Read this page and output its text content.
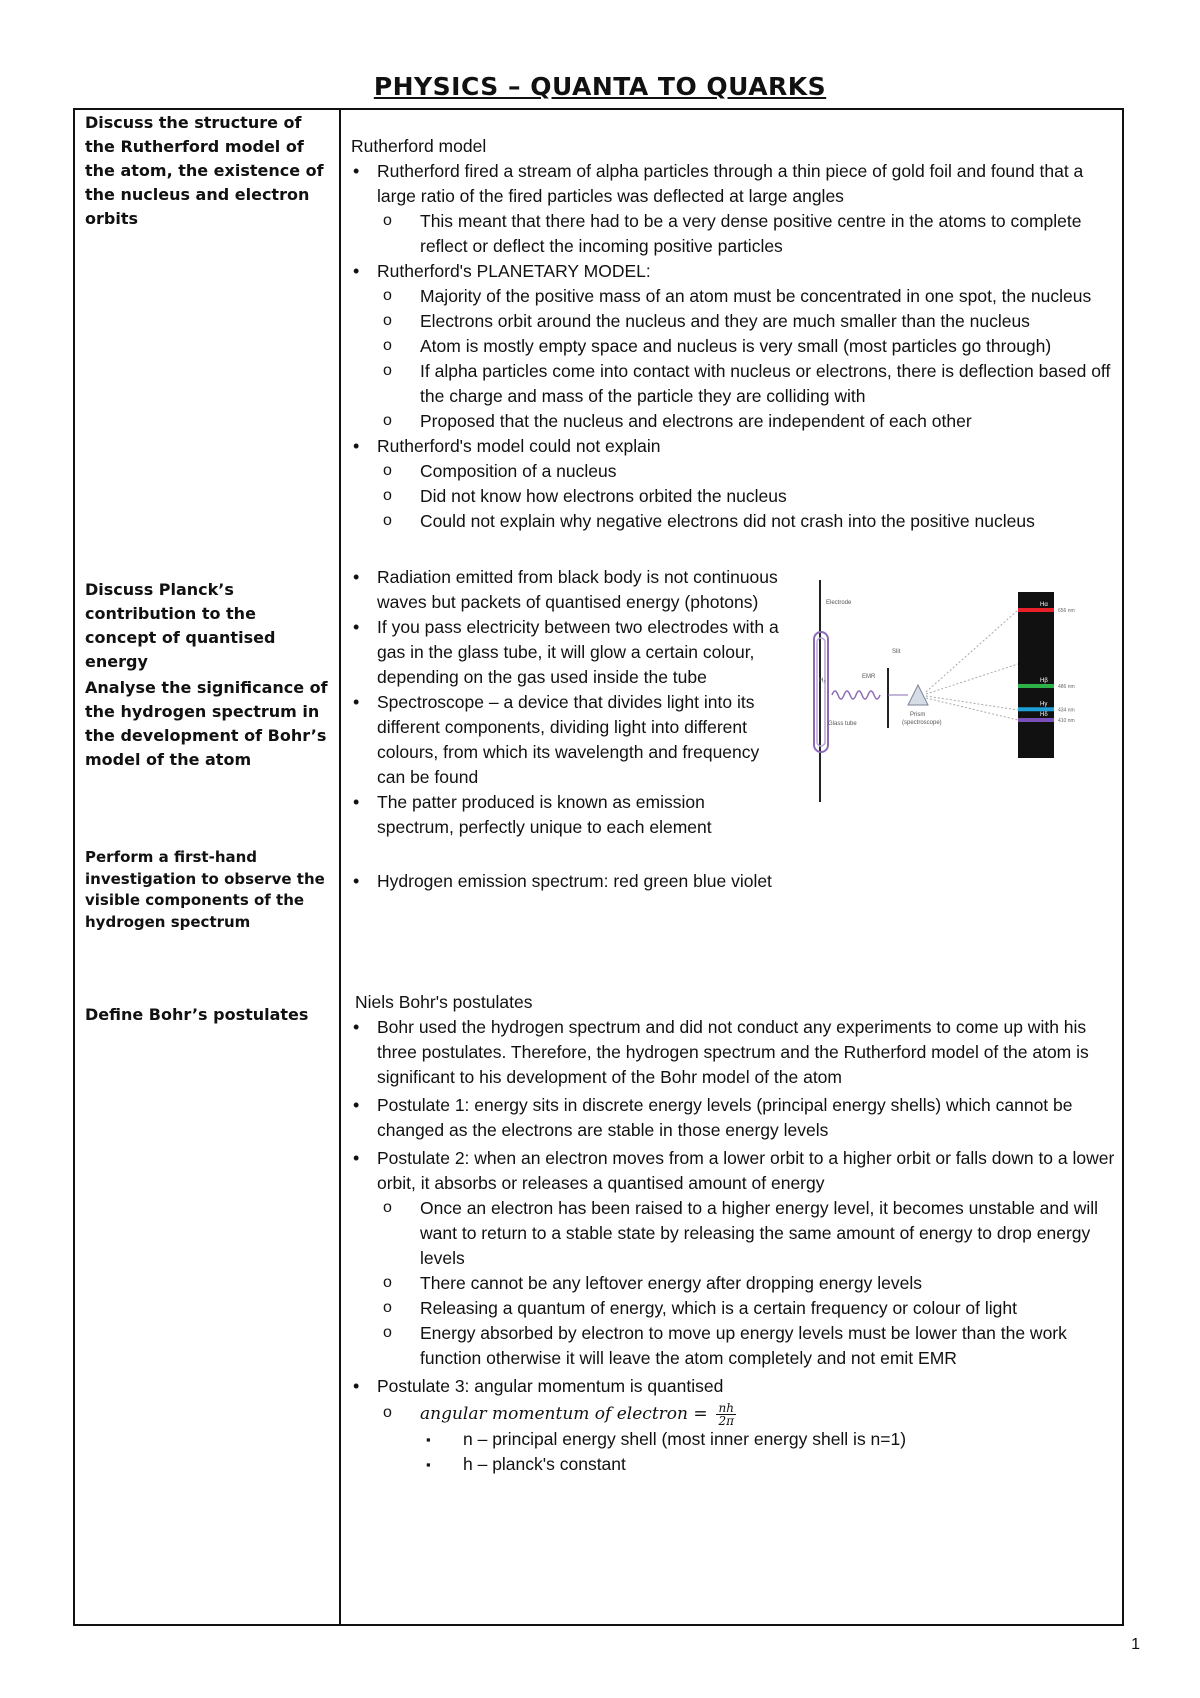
PHYSICS – QUANTA TO QUARKS
Discuss the structure of the Rutherford model of the atom, the existence of the nucleus and electron orbits
Rutherford model
• Rutherford fired a stream of alpha particles through a thin piece of gold foil and found that a large ratio of the fired particles was deflected at large angles
o This meant that there had to be a very dense positive centre in the atoms to complete reflect or deflect the incoming positive particles
• Rutherford's PLANETARY MODEL:
o Majority of the positive mass of an atom must be concentrated in one spot, the nucleus
o Electrons orbit around the nucleus and they are much smaller than the nucleus
o Atom is mostly empty space and nucleus is very small (most particles go through)
o If alpha particles come into contact with nucleus or electrons, there is deflection based off the charge and mass of the particle they are colliding with
o Proposed that the nucleus and electrons are independent of each other
• Rutherford's model could not explain
o Composition of a nucleus
o Did not know how electrons orbited the nucleus
o Could not explain why negative electrons did not crash into the positive nucleus
Discuss Planck’s contribution to the concept of quantised energy
Analyse the significance of the hydrogen spectrum in the development of Bohr’s model of the atom
• Radiation emitted from black body is not continuous waves but packets of quantised energy (photons)
• If you pass electricity between two electrodes with a gas in the glass tube, it will glow a certain colour, depending on the gas used inside the tube
• Spectroscope – a device that divides light into its different components, dividing light into different colours, from which its wavelength and frequency can be found
• The patter produced is known as emission spectrum, perfectly unique to each element
Perform a first-hand investigation to observe the visible components of the hydrogen spectrum
• Hydrogen emission spectrum: red green blue violet
Define Bohr’s postulates
Niels Bohr's postulates
• Bohr used the hydrogen spectrum and did not conduct any experiments to come up with his three postulates. Therefore, the hydrogen spectrum and the Rutherford model of the atom is significant to his development of the Bohr model of the atom
• Postulate 1: energy sits in discrete energy levels (principal energy shells) which cannot be changed as the electrons are stable in those energy levels
• Postulate 2: when an electron moves from a lower orbit to a higher orbit or falls down to a lower orbit, it absorbs or releases a quantised amount of energy
o Once an electron has been raised to a higher energy level, it becomes unstable and will want to return to a stable state by releasing the same amount of energy to drop energy levels
o There cannot be any leftover energy after dropping energy levels
o Releasing a quantum of energy, which is a certain frequency or colour of light
o Energy absorbed by electron to move up energy levels must be lower than the work function otherwise it will leave the atom completely and not emit EMR
• Postulate 3: angular momentum is quantised
o angular momentum of electron = $\frac{nh}{2\pi}$
▪ n – principal energy shell (most inner energy shell is n=1)
▪ h – planck's constant
Electrode
H₂
Glass tube
EMR
Slit
Prism
(spectroscope)
Hα
656 nm
Hβ
486 nm
Hγ
434 nm
Hδ
410 nm
1
